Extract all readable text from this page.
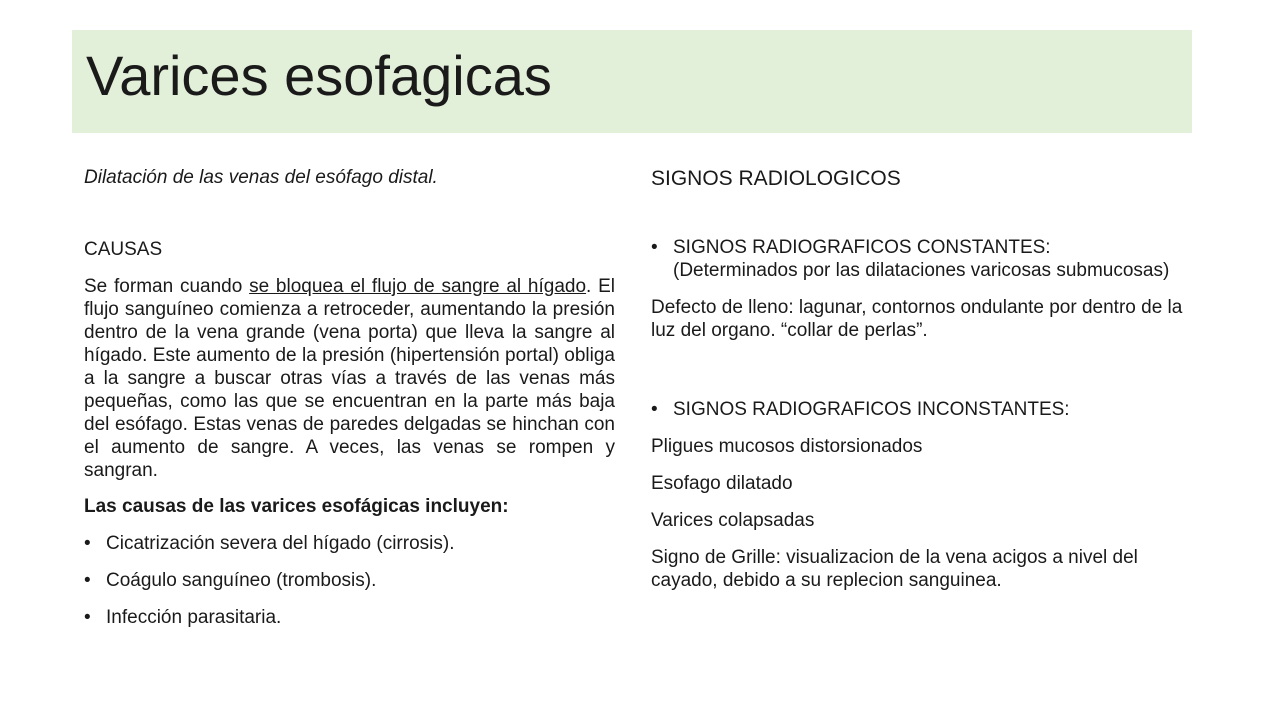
Varices esofagicas

Dilatación de las venas del esófago distal.

CAUSAS

Se forman cuando se bloquea el flujo de sangre al hígado. El flujo sanguíneo comienza a retroceder, aumentando la presión dentro de la vena grande (vena porta) que lleva la sangre al hígado. Este aumento de la presión (hipertensión portal) obliga a la sangre a buscar otras vías a través de las venas más pequeñas, como las que se encuentran en la parte más baja del esófago. Estas venas de paredes delgadas se hinchan con el aumento de sangre. A veces, las venas se rompen y sangran.

Las causas de las varices esofágicas incluyen:

• Cicatrización severa del hígado (cirrosis).
• Coágulo sanguíneo (trombosis).
• Infección parasitaria.

SIGNOS RADIOLOGICOS

• SIGNOS RADIOGRAFICOS CONSTANTES:
(Determinados por las dilataciones varicosas submucosas)

Defecto de lleno: lagunar, contornos ondulante por dentro de la luz del organo. “collar de perlas”.

• SIGNOS RADIOGRAFICOS INCONSTANTES:

Pligues mucosos distorsionados

Esofago dilatado

Varices colapsadas

Signo de Grille: visualizacion de la vena acigos a nivel del cayado, debido a su replecion sanguinea.
